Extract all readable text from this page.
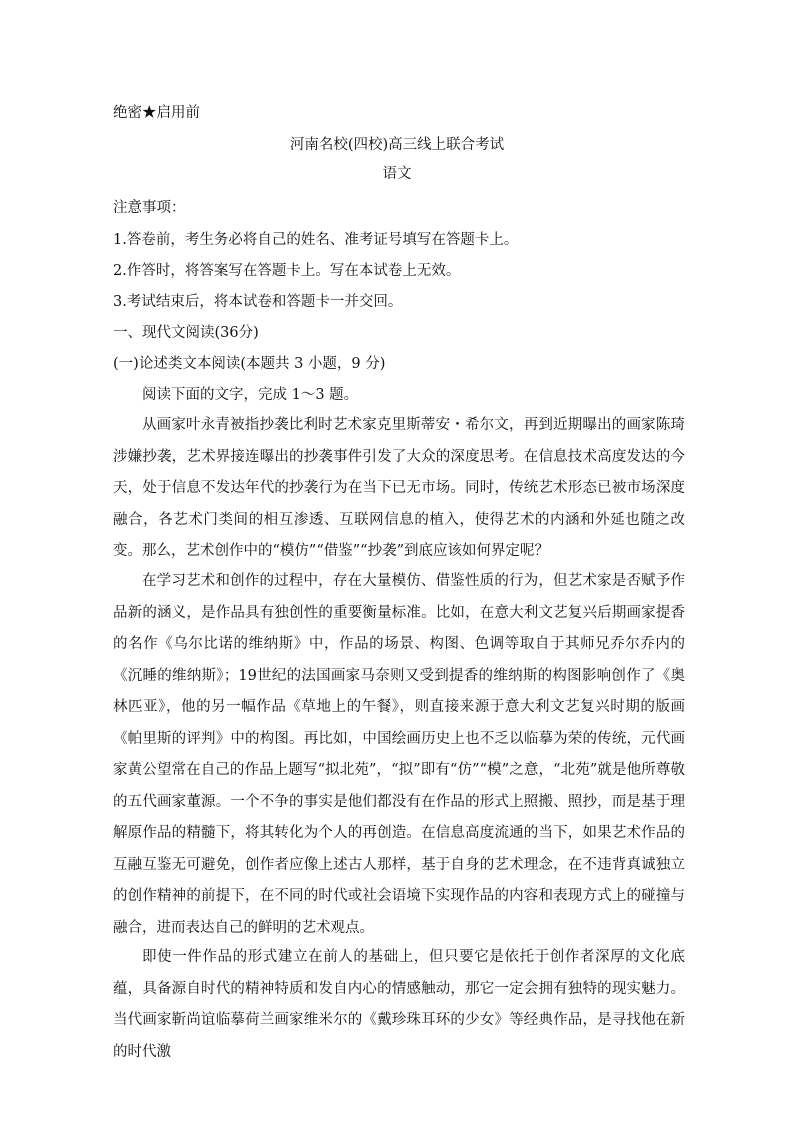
绝密★启用前
河南名校(四校)高三线上联合考试
语文
注意事项：
1.答卷前，考生务必将自己的姓名、准考证号填写在答题卡上。
2.作答时，将答案写在答题卡上。写在本试卷上无效。
3.考试结束后，将本试卷和答题卡一并交回。
一、现代文阅读(36分)
(一)论述类文本阅读(本题共 3 小题，9 分)
阅读下面的文字，完成 1～3 题。

从画家叶永青被指抄袭比利时艺术家克里斯蒂安・希尔文，再到近期曝出的画家陈琦涉嫌抄袭，艺术界接连曝出的抄袭事件引发了大众的深度思考。在信息技术高度发达的今天，处于信息不发达年代的抄袭行为在当下已无市场。同时，传统艺术形态已被市场深度融合，各艺术门类间的相互渗透、互联网信息的植入，使得艺术的内涵和外延也随之改变。那么，艺术创作中的“模仿”“借鉴”“抄袭”到底应该如何界定呢？

在学习艺术和创作的过程中，存在大量模仿、借鉴性质的行为，但艺术家是否赋予作品新的涵义，是作品具有独创性的重要衡量标准。比如，在意大利文艺复兴后期画家提香的名作《乌尔比诺的维纳斯》中，作品的场景、构图、色调等取自于其师兄乔尔乔内的《沉睡的维纳斯》；19世纪的法国画家马奈则又受到提香的维纳斯的构图影响创作了《奥林匹亚》，他的另一幅作品《草地上的午餐》，则直接来源于意大利文艺复兴时期的版画《帕里斯的评判》中的构图。再比如，中国绘画历史上也不乏以临摹为荣的传统，元代画家黄公望常在自己的作品上题写“拟北苑”，“拟”即有“仿”“模”之意，“北苑”就是他所尊敬的五代画家董源。一个不争的事实是他们都没有在作品的形式上照搬、照抄，而是基于理解原作品的精髓下，将其转化为个人的再创造。在信息高度流通的当下，如果艺术作品的互融互鉴无可避免，创作者应像上述古人那样，基于自身的艺术理念，在不违背真诚独立的创作精神的前提下，在不同的时代或社会语境下实现作品的内容和表现方式上的碰撞与融合，进而表达自己的鲜明的艺术观点。

即使一件作品的形式建立在前人的基础上，但只要它是依托于创作者深厚的文化底蕴，具备源自时代的精神特质和发自内心的情感触动，那它一定会拥有独特的现实魅力。当代画家靳尚谊临摹荷兰画家维米尔的《戴珍珠耳环的少女》等经典作品，是寻找他在新的时代激
